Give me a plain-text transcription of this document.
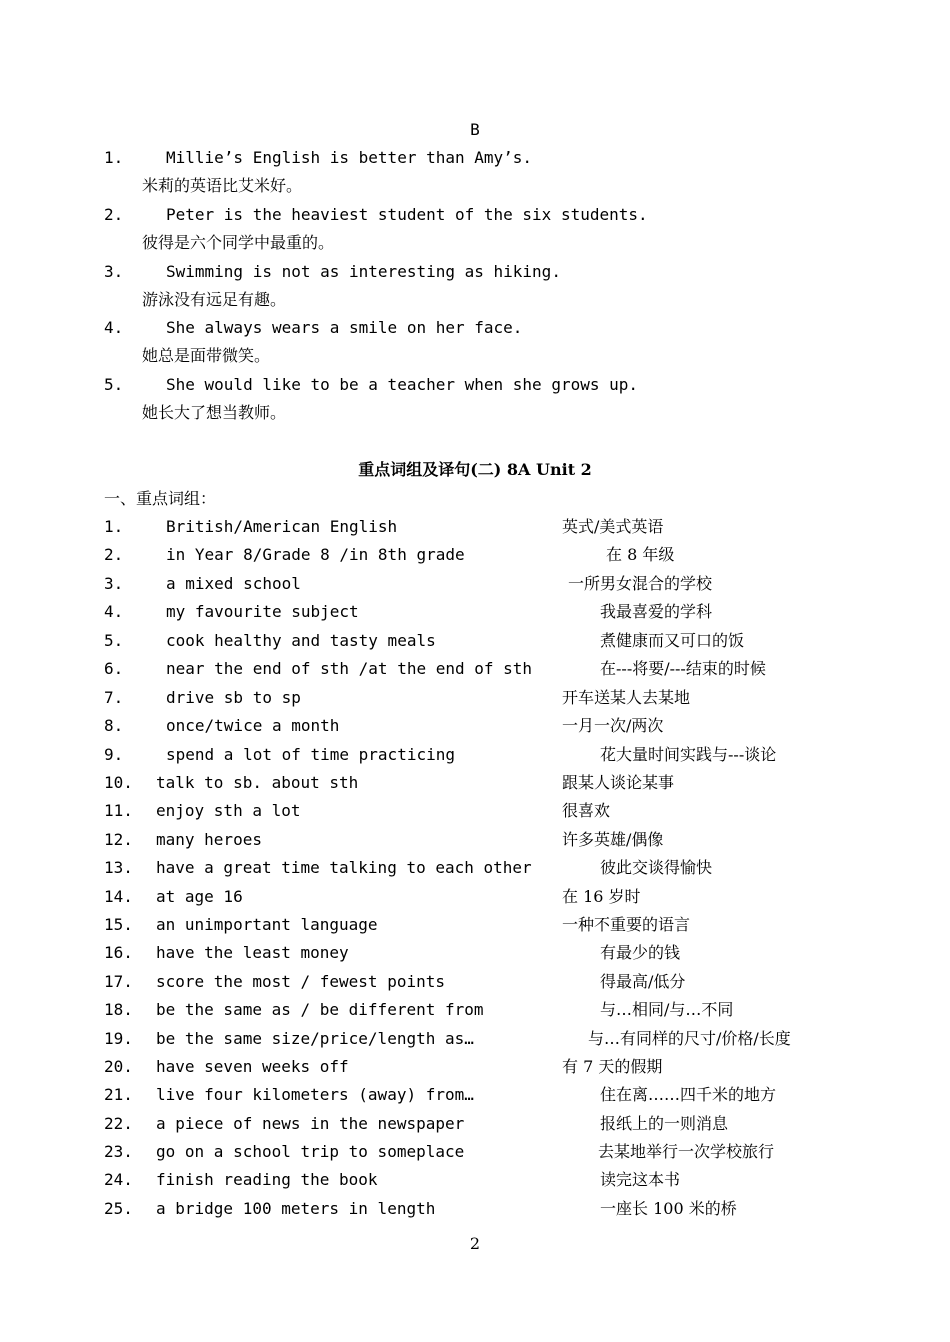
B
1.	Millie’s English is better than Amy’s.
米莉的英语比艾米好。
2.	Peter is the heaviest student of the six students.
彼得是六个同学中最重的。
3.	Swimming is not as interesting as hiking.
游泳没有远足有趣。
4.	She always wears a smile on her face.
她总是面带微笑。
5.	She would like to be a teacher when she grows up.
她长大了想当教师。
重点词组及译句(二) 8A Unit 2
一、重点词组：
1.	British/American English	英式/美式英语
2.	in Year 8/Grade 8 /in 8th grade	在 8 年级
3.	a mixed school	一所男女混合的学校
4.	my favourite subject	我最喜爱的学科
5.	cook healthy and tasty meals	煮健康而又可口的饭
6.	near the end of sth /at the end of sth	在---将要/---结束的时候
7.	drive sb to sp	开车送某人去某地
8.	once/twice a month	一月一次/两次
9.	spend a lot of time practicing	花大量时间实践与---谈论
10. talk to sb. about sth	跟某人谈论某事
11. enjoy sth a lot	很喜欢
12. many heroes	许多英雄/偶像
13. have a great time talking to each other	彼此交谈得愉快
14. at age 16	在 16 岁时
15. an unimportant language	一种不重要的语言
16. have the least money	有最少的钱
17. score the most / fewest points	得最高/低分
18. be the same as / be different from	与…相同/与…不同
19. be the same size/price/length as…	与…有同样的尺寸/价格/长度
20. have seven weeks off	有 7 天的假期
21. live four kilometers (away) from…	住在离……四千米的地方
22. a piece of news in the newspaper	报纸上的一则消息
23. go on a school trip to someplace	去某地举行一次学校旅行
24. finish reading the book	读完这本书
25. a bridge 100 meters in length	一座长 100 米的桥
2
